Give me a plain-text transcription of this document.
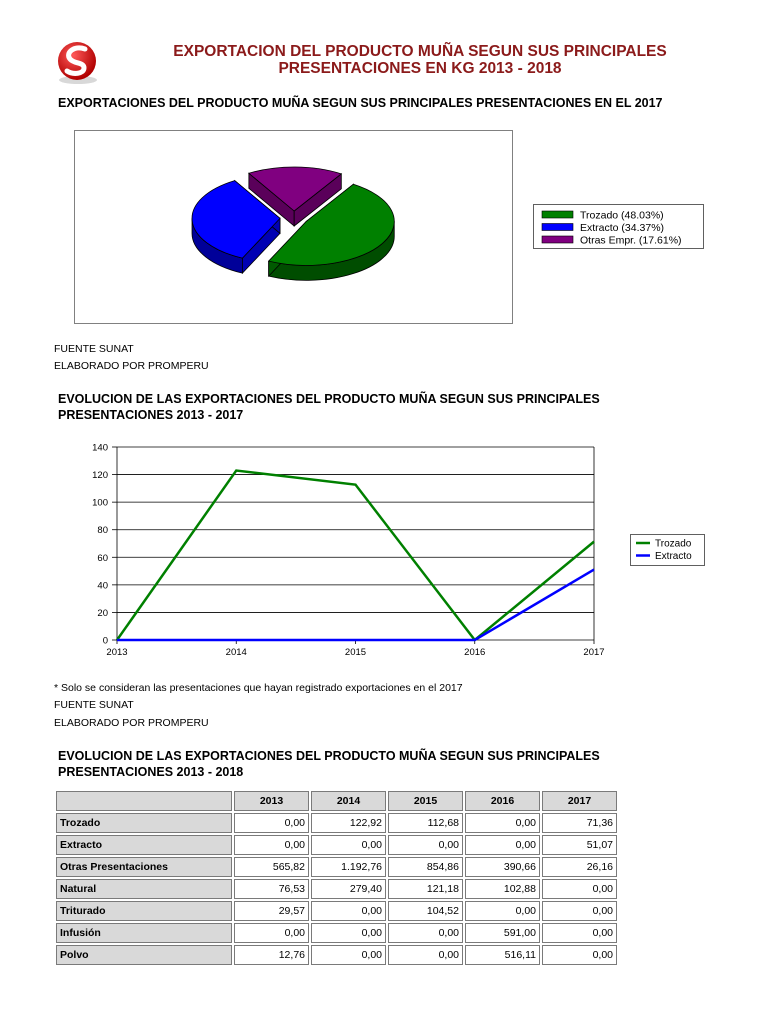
EXPORTACION DEL PRODUCTO MUÑA SEGUN SUS PRINCIPALES
PRESENTACIONES EN KG 2013 - 2018
EXPORTACIONES DEL PRODUCTO MUÑA SEGUN SUS PRINCIPALES PRESENTACIONES EN EL 2017
Trozado (48.03%)
Extracto (34.37%)
Otras Empr. (17.61%)
FUENTE SUNAT
ELABORADO POR PROMPERU
EVOLUCION DE LAS EXPORTACIONES DEL PRODUCTO MUÑA SEGUN SUS PRINCIPALES
PRESENTACIONES 2013 - 2017
0
20
40
60
80
100
120
140
2013	2014	2015	2016	2017
Trozado
Extracto
* Solo se consideran las presentaciones que hayan registrado exportaciones en el 2017
FUENTE SUNAT
ELABORADO POR PROMPERU
EVOLUCION DE LAS EXPORTACIONES DEL PRODUCTO MUÑA SEGUN SUS PRINCIPALES
PRESENTACIONES 2013 - 2018
	2013	2014	2015	2016	2017
Trozado	0,00	122,92	112,68	0,00	71,36
Extracto	0,00	0,00	0,00	0,00	51,07
Otras Presentaciones	565,82	1.192,76	854,86	390,66	26,16
Natural	76,53	279,40	121,18	102,88	0,00
Triturado	29,57	0,00	104,52	0,00	0,00
Infusión	0,00	0,00	0,00	591,00	0,00
Polvo	12,76	0,00	0,00	516,11	0,00
